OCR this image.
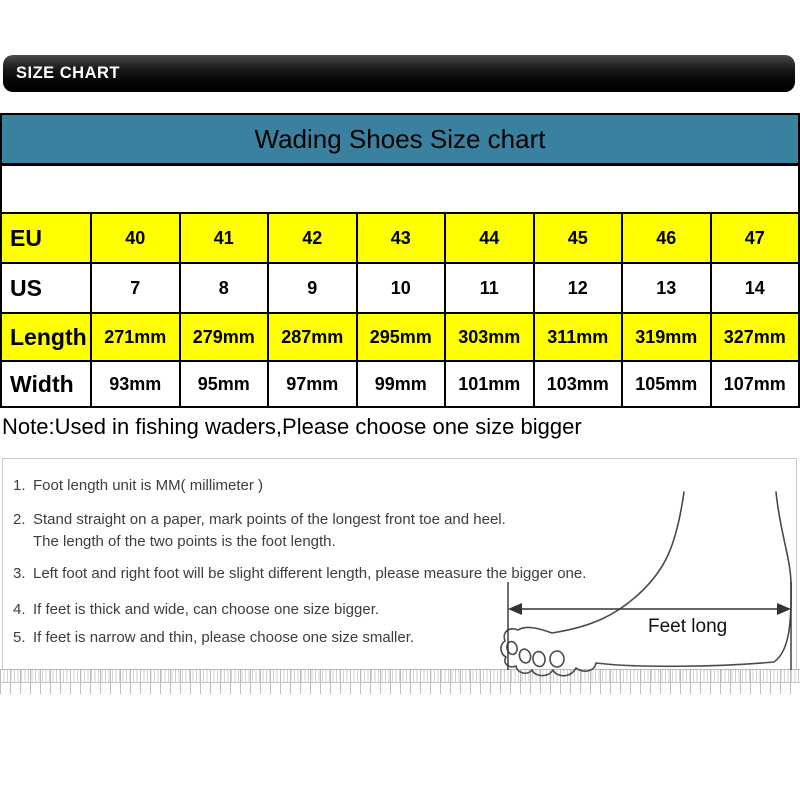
SIZE CHART
Wading Shoes Size chart
EU	40	41	42	43	44	45	46	47
US	7	8	9	10	11	12	13	14
Length 271mm	279mm	287mm	295mm	303mm	311mm	319mm	327mm
Width	93mm	95mm	97mm	99mm	101mm	103mm	105mm	107mm
Note:Used in fishing waders,Please choose one size bigger
1. Foot length unit is MM( millimeter )
2. Stand straight on a paper, mark points of the longest front toe and heel.
The length of the two points is the foot length.
3. Left foot and right foot will be slight different length, please measure the bigger one.
4. If feet is thick and wide, can choose one size bigger.
5. If feet is narrow and thin, please choose one size smaller.
Feet long
